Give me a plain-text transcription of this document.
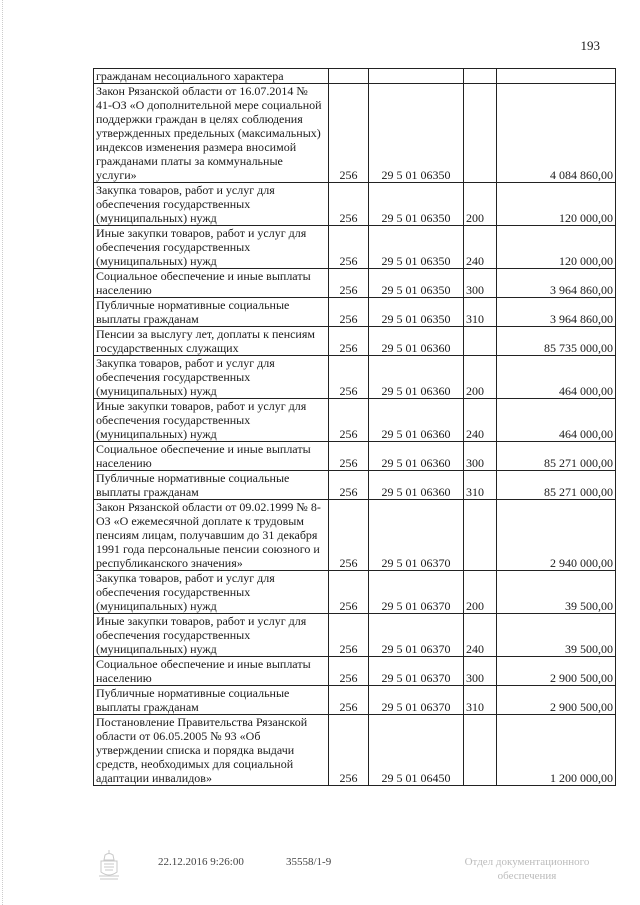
193
гражданам несоциального характера				
Закон Рязанской области от 16.07.2014 № 41-ОЗ «О дополнительной мере социальной поддержки граждан в целях соблюдения утвержденных предельных (максимальных) индексов изменения размера вносимой гражданами платы за коммунальные услуги»	256	29 5 01 06350		4 084 860,00
Закупка товаров, работ и услуг для обеспечения государственных (муниципальных) нужд	256	29 5 01 06350	200	120 000,00
Иные закупки товаров, работ и услуг для обеспечения государственных (муниципальных) нужд	256	29 5 01 06350	240	120 000,00
Социальное обеспечение и иные выплаты населению	256	29 5 01 06350	300	3 964 860,00
Публичные нормативные социальные выплаты гражданам	256	29 5 01 06350	310	3 964 860,00
Пенсии за выслугу лет, доплаты к пенсиям государственных служащих	256	29 5 01 06360		85 735 000,00
Закупка товаров, работ и услуг для обеспечения государственных (муниципальных) нужд	256	29 5 01 06360	200	464 000,00
Иные закупки товаров, работ и услуг для обеспечения государственных (муниципальных) нужд	256	29 5 01 06360	240	464 000,00
Социальное обеспечение и иные выплаты населению	256	29 5 01 06360	300	85 271 000,00
Публичные нормативные социальные выплаты гражданам	256	29 5 01 06360	310	85 271 000,00
Закон Рязанской области от 09.02.1999 № 8-ОЗ «О ежемесячной доплате к трудовым пенсиям лицам, получавшим до 31 декабря 1991 года персональные пенсии союзного и республиканского значения»	256	29 5 01 06370		2 940 000,00
Закупка товаров, работ и услуг для обеспечения государственных (муниципальных) нужд	256	29 5 01 06370	200	39 500,00
Иные закупки товаров, работ и услуг для обеспечения государственных (муниципальных) нужд	256	29 5 01 06370	240	39 500,00
Социальное обеспечение и иные выплаты населению	256	29 5 01 06370	300	2 900 500,00
Публичные нормативные социальные выплаты гражданам	256	29 5 01 06370	310	2 900 500,00
Постановление Правительства Рязанской области от 06.05.2005 № 93 «Об утверждении списка и порядка выдачи средств, необходимых для социальной адаптации инвалидов»	256	29 5 01 06450		1 200 000,00
22.12.2016 9:26:00	35558/1-9	Отдел документационного
обеспечения
